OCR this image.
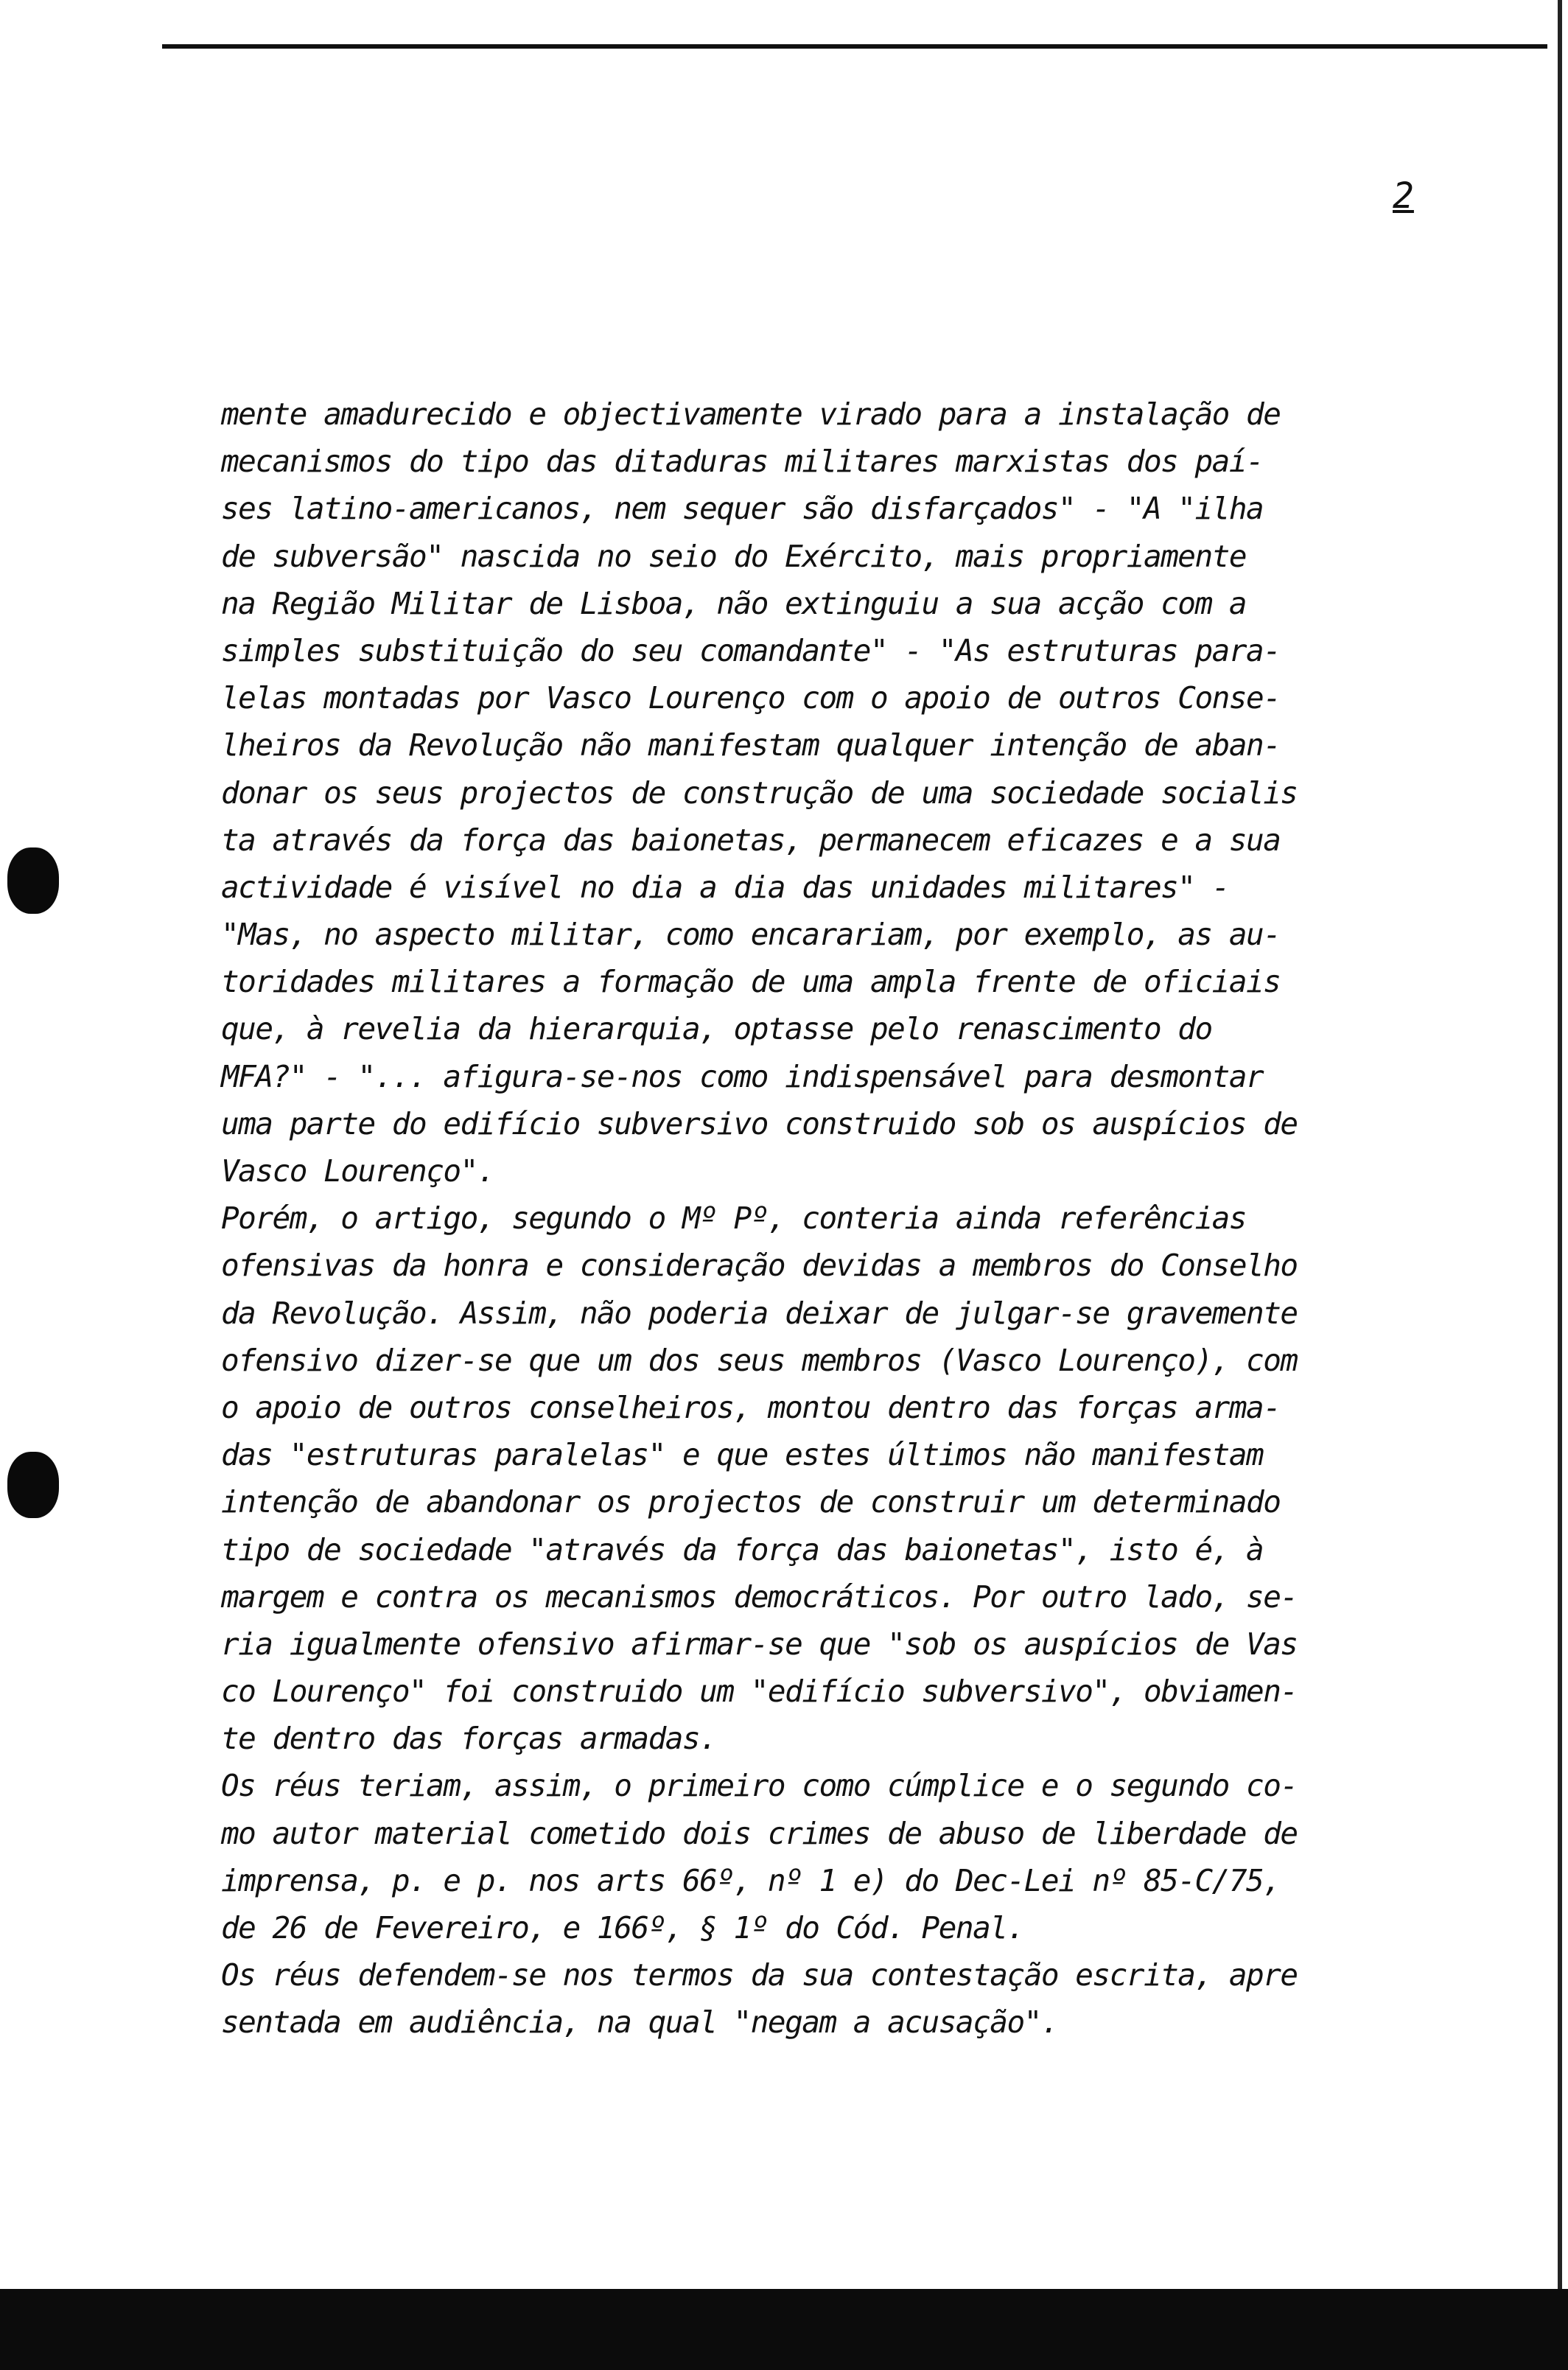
2
mente amadurecido e objectivamente virado para a instalação de
mecanismos do tipo das ditaduras militares marxistas dos paí-
ses latino-americanos, nem sequer são disfarçados" - "A "ilha
de subversão" nascida no seio do Exército, mais propriamente
na Região Militar de Lisboa, não extinguiu a sua acção com a
simples substituição do seu comandante" - "As estruturas para-
lelas montadas por Vasco Lourenço com o apoio de outros Conse-
lheiros da Revolução não manifestam qualquer intenção de aban-
donar os seus projectos de construção de uma sociedade socialis
ta através da força das baionetas, permanecem eficazes e a sua
actividade é visível no dia a dia das unidades militares" -
"Mas, no aspecto militar, como encarariam, por exemplo, as au-
toridades militares a formação de uma ampla frente de oficiais
que, à revelia da hierarquia, optasse pelo renascimento do
MFA?" - "... afigura-se-nos como indispensável para desmontar
uma parte do edifício subversivo construido sob os auspícios de
Vasco Lourenço".
Porém, o artigo, segundo o Mº Pº, conteria ainda referências
ofensivas da honra e consideração devidas a membros do Conselho
da Revolução. Assim, não poderia deixar de julgar-se gravemente
ofensivo dizer-se que um dos seus membros (Vasco Lourenço), com
o apoio de outros conselheiros, montou dentro das forças arma-
das "estruturas paralelas" e que estes últimos não manifestam
intenção de abandonar os projectos de construir um determinado
tipo de sociedade "através da força das baionetas", isto é, à
margem e contra os mecanismos democráticos. Por outro lado, se-
ria igualmente ofensivo afirmar-se que "sob os auspícios de Vas
co Lourenço" foi construido um "edifício subversivo", obviamen-
te dentro das forças armadas.
Os réus teriam, assim, o primeiro como cúmplice e o segundo co-
mo autor material cometido dois crimes de abuso de liberdade de
imprensa, p. e p. nos arts 66º, nº 1 e) do Dec-Lei nº 85-C/75,
de 26 de Fevereiro, e 166º, § 1º do Cód. Penal.
Os réus defendem-se nos termos da sua contestação escrita, apre
sentada em audiência, na qual "negam a acusação".
